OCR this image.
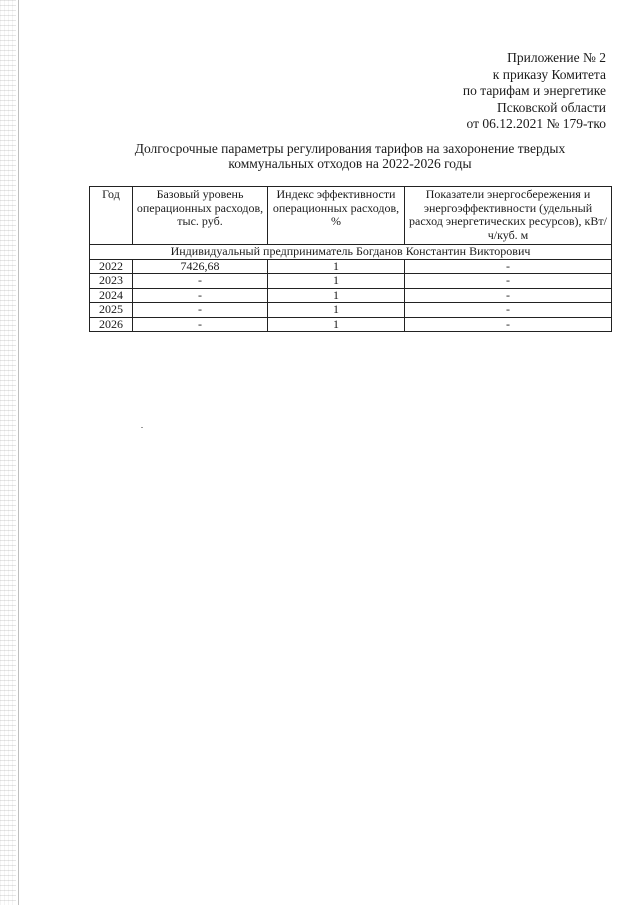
Приложение № 2
к приказу Комитета
по тарифам и энергетике
Псковской области
от 06.12.2021 № 179-тко
Долгосрочные параметры регулирования тарифов на захоронение твердых
коммунальных отходов на 2022-2026 годы
Год	Базовый уровень операционных расходов, тыс. руб.	Индекс эффективности операционных расходов, %	Показатели энергосбережения и энергоэффективности (удельный расход энергетических ресурсов), кВт/ч/куб. м
Индивидуальный предприниматель Богданов Константин Викторович			
2022	7426,68	1	-
2023	-	1	-
2024	-	1	-
2025	-	1	-
2026	-	1	-
